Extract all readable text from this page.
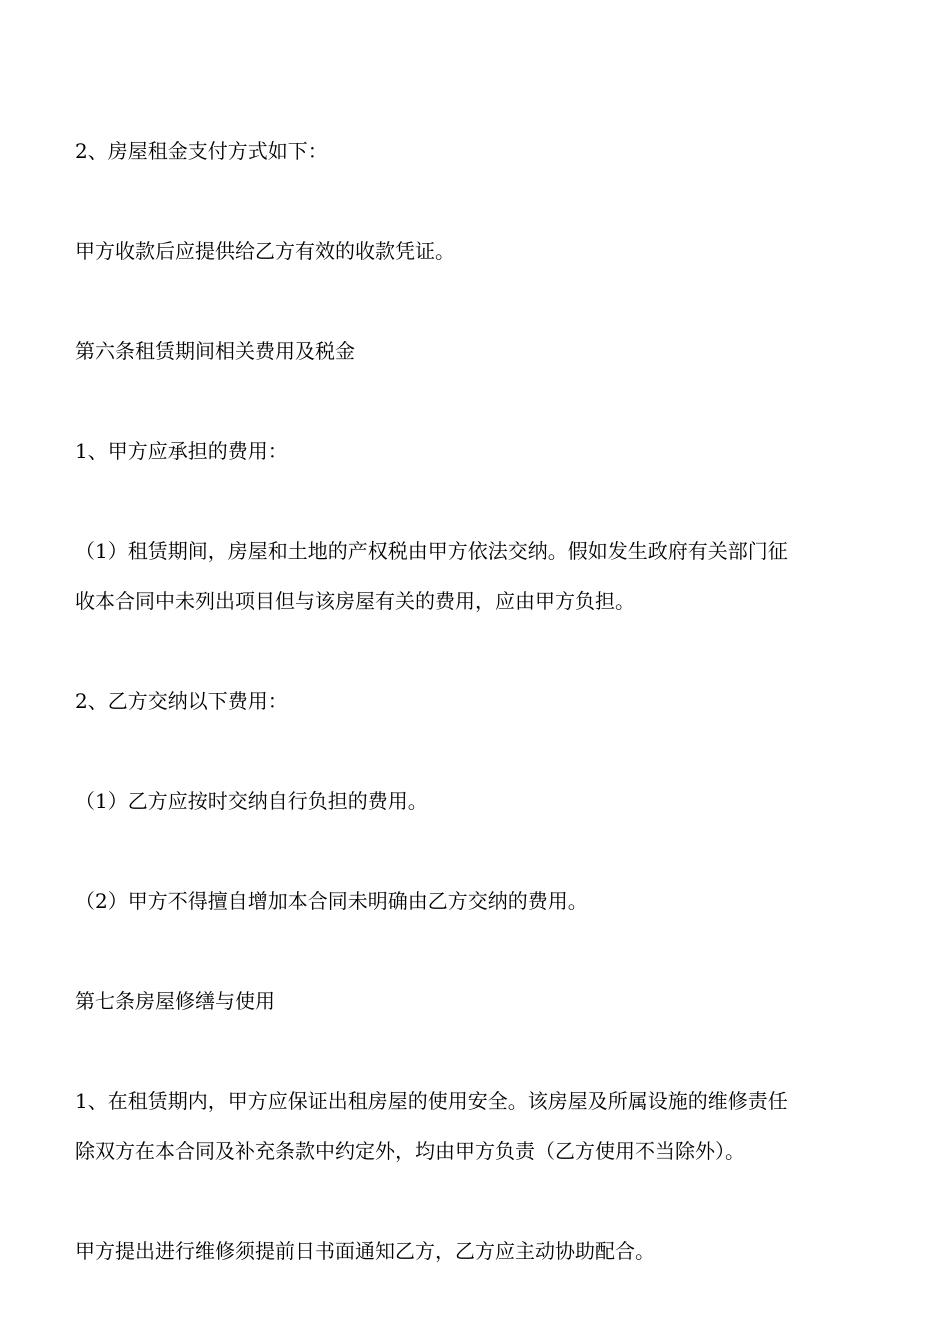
2、房屋租金支付方式如下：

甲方收款后应提供给乙方有效的收款凭证。

第六条租赁期间相关费用及税金

1、甲方应承担的费用：

（1）租赁期间，房屋和土地的产权税由甲方依法交纳。假如发生政府有关部门征
收本合同中未列出项目但与该房屋有关的费用，应由甲方负担。

2、乙方交纳以下费用：

（1）乙方应按时交纳自行负担的费用。

（2）甲方不得擅自增加本合同未明确由乙方交纳的费用。

第七条房屋修缮与使用

1、在租赁期内，甲方应保证出租房屋的使用安全。该房屋及所属设施的维修责任
除双方在本合同及补充条款中约定外，均由甲方负责（乙方使用不当除外）。

甲方提出进行维修须提前日书面通知乙方，乙方应主动协助配合。
